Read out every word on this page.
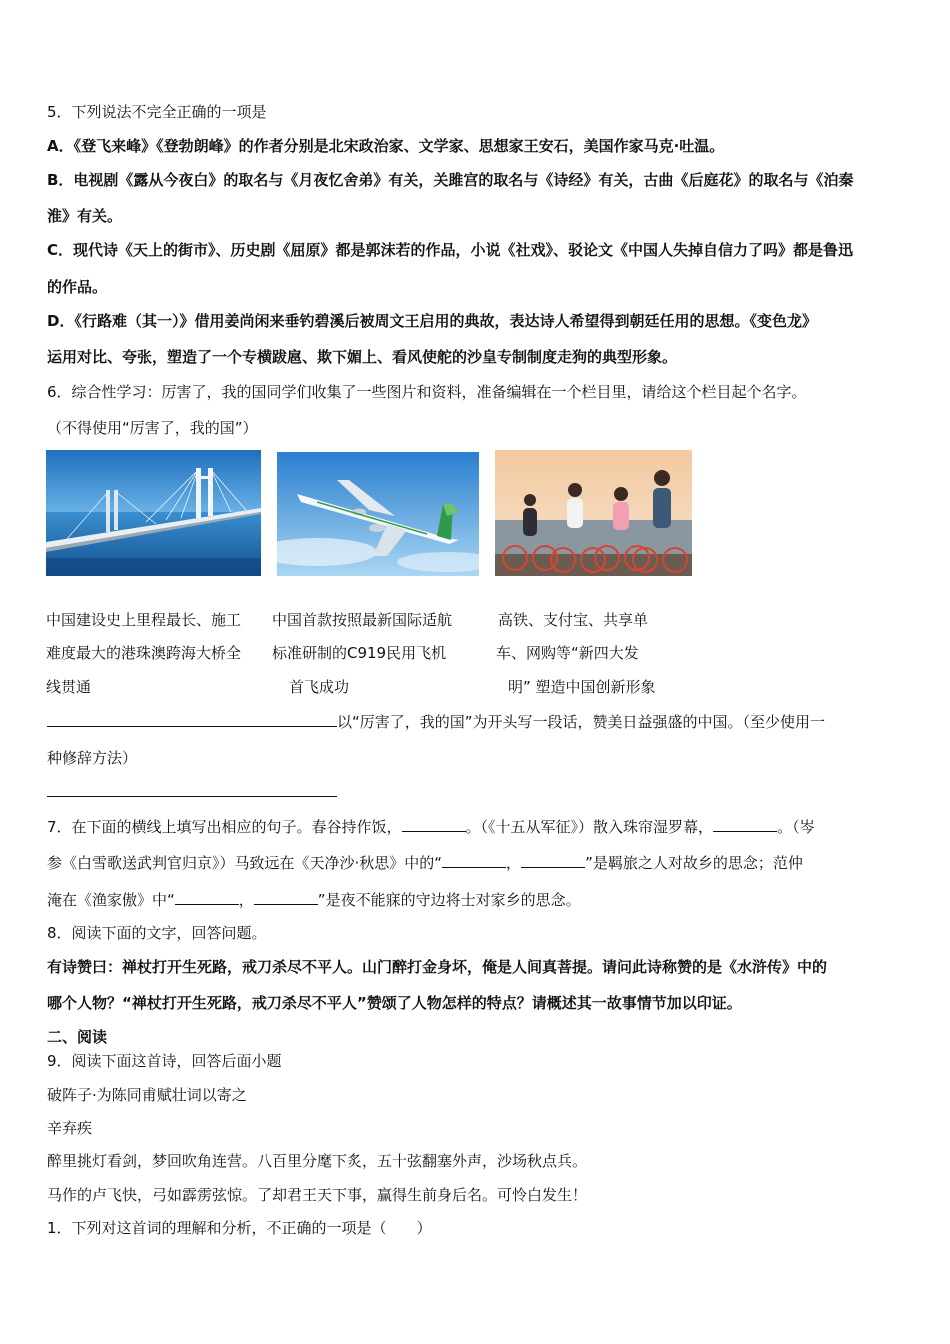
5．下列说法不完全正确的一项是
A．《登飞来峰》《登勃朗峰》的作者分别是北宋政治家、文学家、思想家王安石，美国作家马克·吐温。
B．电视剧《露从今夜白》的取名与《月夜忆舍弟》有关，关雎宫的取名与《诗经》有关，古曲《后庭花》的取名与《泊秦
淮》有关。
C．现代诗《天上的街市》、历史剧《屈原》都是郭沫若的作品，小说《社戏》、驳论文《中国人失掉自信力了吗》都是鲁迅
的作品。
D．《行路难（其一）》借用姜尚闲来垂钓碧溪后被周文王启用的典故，表达诗人希望得到朝廷任用的思想。《变色龙》
运用对比、夸张，塑造了一个专横跋扈、欺下媚上、看风使舵的沙皇专制制度走狗的典型形象。
6．综合性学习：厉害了，我的国同学们收集了一些图片和资料，准备编辑在一个栏目里，请给这个栏目起个名字。
（不得使用“厉害了，我的国”）
中国建设史上里程最长、施工
难度最大的港珠澳跨海大桥全
线贯通
中国首款按照最新国际适航
标准研制的C919民用飞机
首飞成功
高铁、支付宝、共享单
车、网购等“新四大发
明” 塑造中国创新形象
以“厉害了，我的国”为开头写一段话，赞美日益强盛的中国。（至少使用一
种修辞方法）
7．在下面的横线上填写出相应的句子。春谷持作饭，	。（《十五从军征》）散入珠帘湿罗幕，	。（岑
参《白雪歌送武判官归京》）马致远在《天净沙·秋思》中的“	，	”是羁旅之人对故乡的思念；范仲
淹在《渔家傲》中“	，	”是夜不能寐的守边将士对家乡的思念。
8．阅读下面的文字，回答问题。
有诗赞曰：禅杖打开生死路，戒刀杀尽不平人。山门醉打金身坏，俺是人间真菩提。请问此诗称赞的是《水浒传》中的
哪个人物？“禅杖打开生死路，戒刀杀尽不平人”赞颂了人物怎样的特点？请概述其一故事情节加以印证。
二、阅读
9．阅读下面这首诗，回答后面小题
破阵子·为陈同甫赋壮词以寄之
辛弃疾
醉里挑灯看剑，梦回吹角连营。八百里分麾下炙，五十弦翻塞外声，沙场秋点兵。
马作的卢飞快，弓如霹雳弦惊。了却君王天下事，赢得生前身后名。可怜白发生！
1．下列对这首词的理解和分析，不正确的一项是（　　）
